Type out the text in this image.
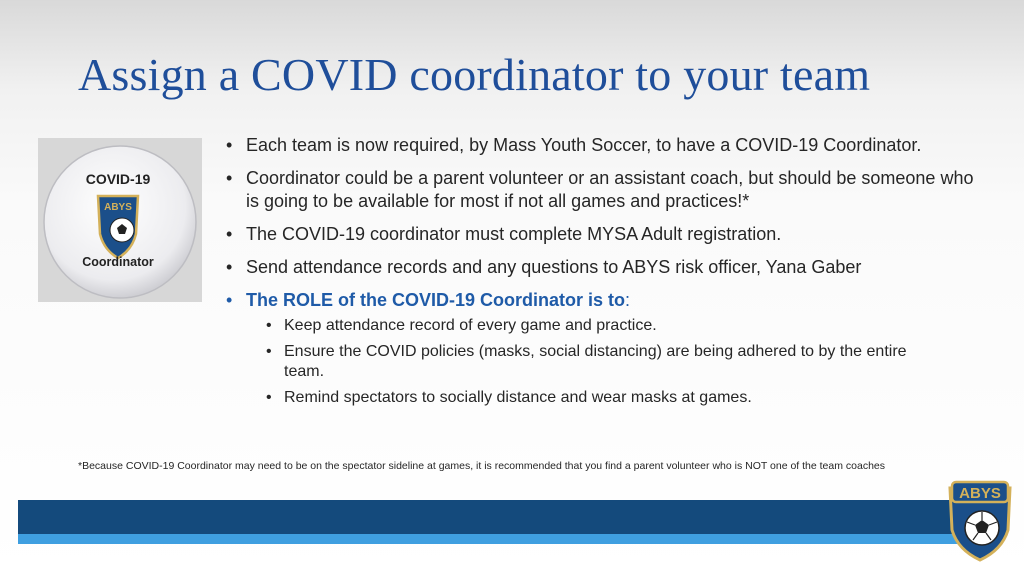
Assign a COVID coordinator to your team
COVID-19
ABYS
Coordinator
• Each team is now required, by Mass Youth Soccer, to have a COVID-19 Coordinator.
• Coordinator could be a parent volunteer or an assistant coach, but should be someone who is going to be available for most if not all games and practices!*
• The COVID-19 coordinator must complete MYSA Adult registration.
• Send attendance records and any questions to ABYS risk officer, Yana Gaber
• The ROLE of the COVID-19 Coordinator is to:
• Keep attendance record of every game and practice.
• Ensure the COVID policies (masks, social distancing) are being adhered to by the entire team.
• Remind spectators to socially distance and wear masks at games.
*Because COVID-19 Coordinator may need to be on the spectator sideline at games, it is recommended that you find a parent volunteer who is NOT one of the team coaches
ABYS
